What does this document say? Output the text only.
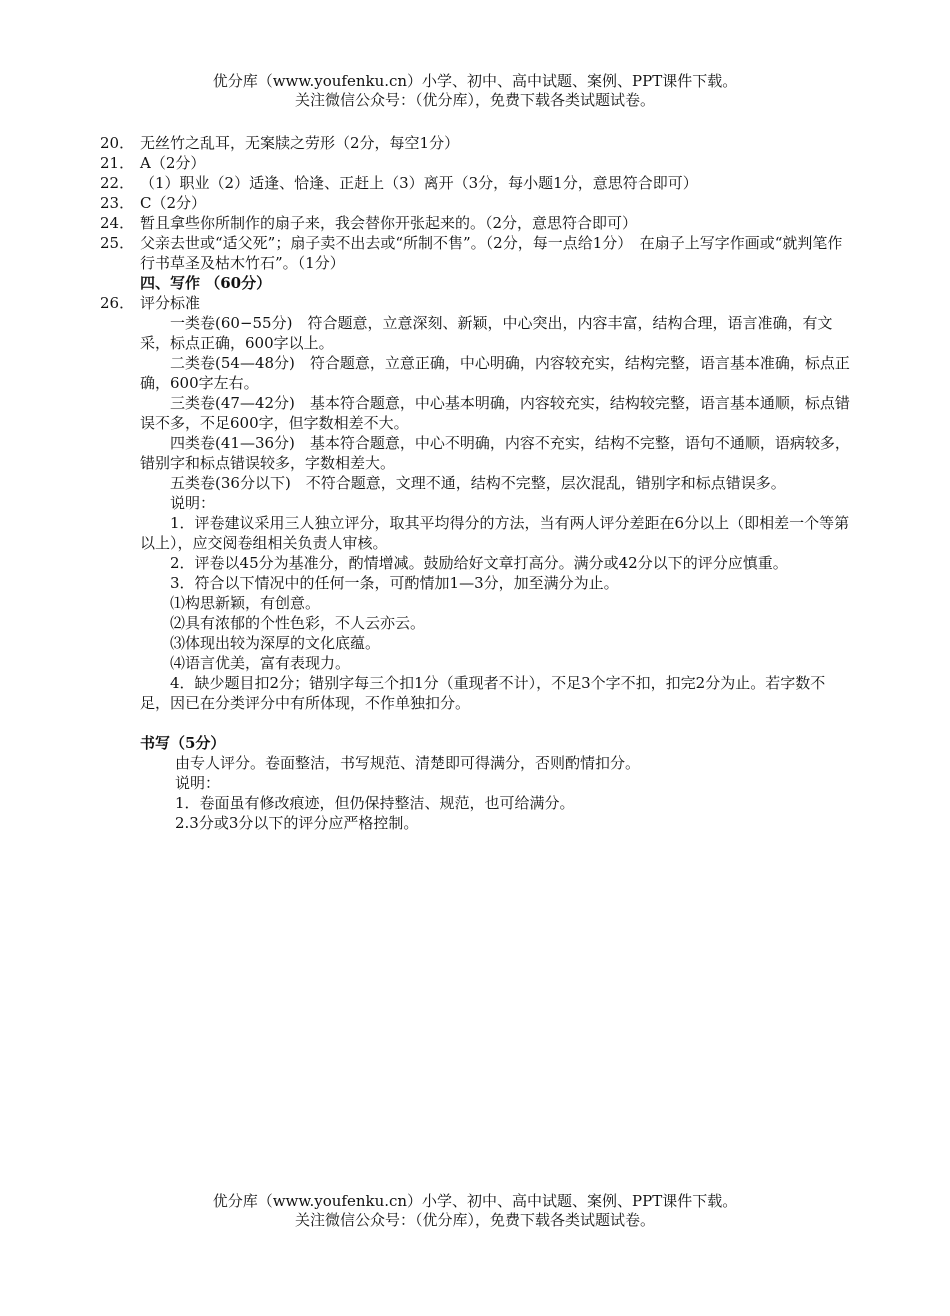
优分库（www.youfenku.cn）小学、初中、高中试题、案例、PPT课件下载。
关注微信公众号：（优分库），免费下载各类试题试卷。
20． 无丝竹之乱耳，无案牍之劳形（2分，每空1分）
21． A（2分）
22． （1）职业（2）适逢、恰逢、正赶上（3）离开（3分，每小题1分，意思符合即可）
23． C（2分）
24． 暂且拿些你所制作的扇子来，我会替你开张起来的。（2分，意思符合即可）
25． 父亲去世或“适父死”；扇子卖不出去或“所制不售”。（2分，每一点给1分）　在扇子上写字作画或“就判笔作行书草圣及枯木竹石”。（1分）
四、写作 （60分）
26． 评分标准
一类卷(60−55分)　符合题意，立意深刻、新颖，中心突出，内容丰富，结构合理，语言准确，有文采，标点正确，600字以上。
二类卷(54—48分)　符合题意，立意正确，中心明确，内容较充实，结构完整，语言基本准确，标点正确，600字左右。
三类卷(47—42分)　基本符合题意，中心基本明确，内容较充实，结构较完整，语言基本通顺，标点错误不多，不足600字，但字数相差不大。
四类卷(41—36分)　基本符合题意，中心不明确，内容不充实，结构不完整，语句不通顺，语病较多，错别字和标点错误较多，字数相差大。
五类卷(36分以下)　不符合题意，文理不通，结构不完整，层次混乱，错别字和标点错误多。
说明：
1．评卷建议采用三人独立评分，取其平均得分的方法，当有两人评分差距在6分以上（即相差一个等第以上），应交阅卷组相关负责人审核。
2．评卷以45分为基准分，酌情增减。鼓励给好文章打高分。满分或42分以下的评分应慎重。
3．符合以下情况中的任何一条，可酌情加1—3分，加至满分为止。
⑴构思新颖，有创意。
⑵具有浓郁的个性色彩，不人云亦云。
⑶体现出较为深厚的文化底蕴。
⑷语言优美，富有表现力。
4．缺少题目扣2分；错别字每三个扣1分（重现者不计），不足3个字不扣，扣完2分为止。若字数不足，因已在分类评分中有所体现，不作单独扣分。
书写（5分）
由专人评分。卷面整洁，书写规范、清楚即可得满分，否则酌情扣分。
说明：
1．卷面虽有修改痕迹，但仍保持整洁、规范，也可给满分。
2.3分或3分以下的评分应严格控制。
优分库（www.youfenku.cn）小学、初中、高中试题、案例、PPT课件下载。
关注微信公众号：（优分库），免费下载各类试题试卷。
